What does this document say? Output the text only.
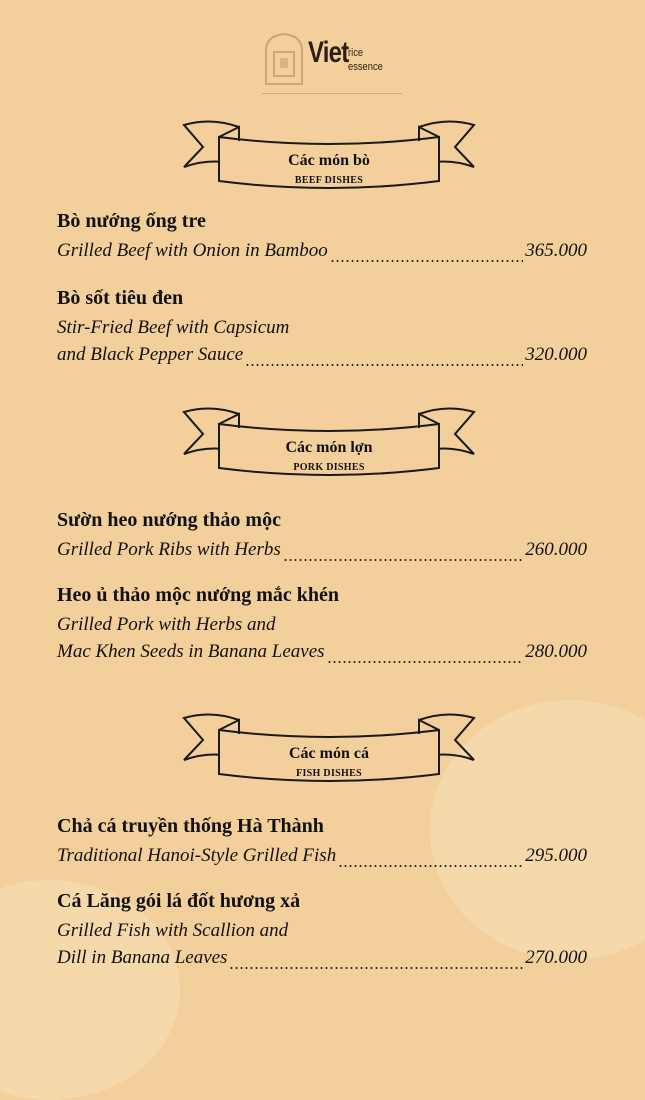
Viet rice
essence
Các món bò
BEEF DISHES
Bò nướng ống tre
Grilled Beef with Onion in Bamboo	365.000
Bò sốt tiêu đen
Stir-Fried Beef with Capsicum
and Black Pepper Sauce	320.000
Các món lợn
PORK DISHES
Sườn heo nướng thảo mộc
Grilled Pork Ribs with Herbs	260.000
Heo ủ thảo mộc nướng mắc khén
Grilled Pork with Herbs and
Mac Khen Seeds in Banana Leaves	280.000
Các món cá
FISH DISHES
Chả cá truyền thống Hà Thành
Traditional Hanoi-Style Grilled Fish	295.000
Cá Lăng gói lá đốt hương xả
Grilled Fish with Scallion and
Dill in Banana Leaves	270.000
